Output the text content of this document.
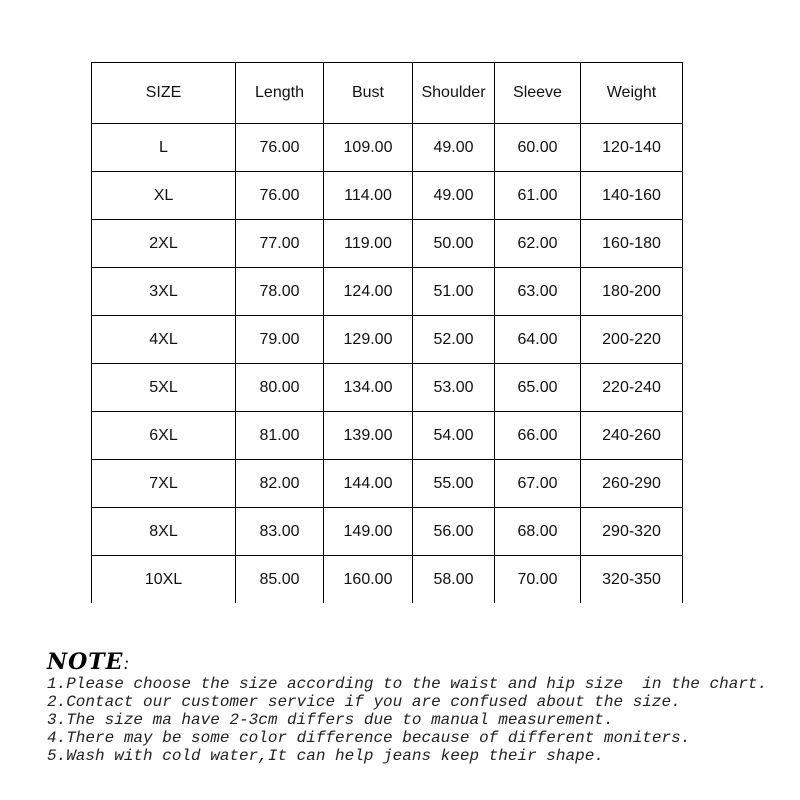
SIZE	Length	Bust	Shoulder	Sleeve	Weight
L	76.00	109.00	49.00	60.00	120-140
XL	76.00	114.00	49.00	61.00	140-160
2XL	77.00	119.00	50.00	62.00	160-180
3XL	78.00	124.00	51.00	63.00	180-200
4XL	79.00	129.00	52.00	64.00	200-220
5XL	80.00	134.00	53.00	65.00	220-240
6XL	81.00	139.00	54.00	66.00	240-260
7XL	82.00	144.00	55.00	67.00	260-290
8XL	83.00	149.00	56.00	68.00	290-320
10XL	85.00	160.00	58.00	70.00	320-350
NOTE:
1.Please choose the size according to the waist and hip size  in the chart.
2.Contact our customer service if you are confused about the size.
3.The size ma have 2-3cm differs due to manual measurement.
4.There may be some color difference because of different moniters.
5.Wash with cold water,It can help jeans keep their shape.
